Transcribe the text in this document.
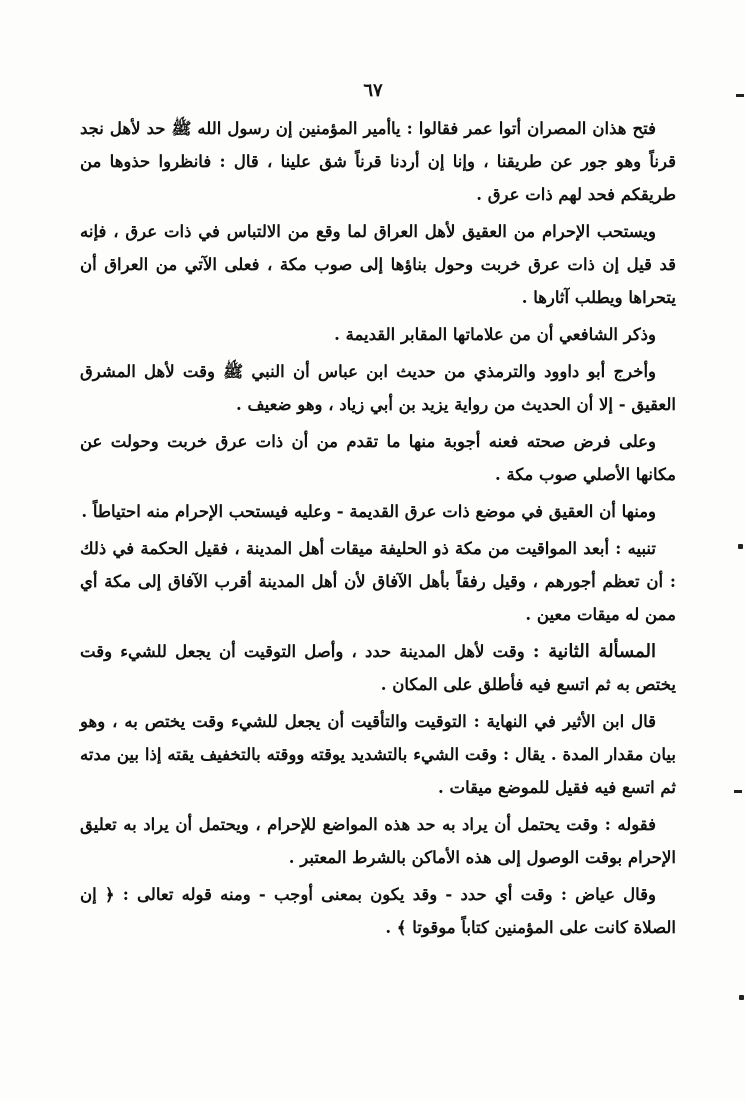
٦٧

فتح هذان المصران أتوا عمر فقالوا : ياأمير المؤمنين إن رسول الله ﷺ حد لأهل نجد قرناً وهو جور عن طريقنا ، وإنا إن أردنا قرناً شق علينا ، قال : فانظروا حذوها من طريقكم فحد لهم ذات عرق .

ويستحب الإحرام من العقيق لأهل العراق لما وقع من الالتباس في ذات عرق ، فإنه قد قيل إن ذات عرق خربت وحول بناؤها إلى صوب مكة ، فعلى الآتي من العراق أن يتحراها ويطلب آثارها .

وذكر الشافعي أن من علاماتها المقابر القديمة .

وأخرج أبو داوود والترمذي من حديث ابن عباس أن النبي ﷺ وقت لأهل المشرق العقيق - إلا أن الحديث من رواية يزيد بن أبي زياد ، وهو ضعيف .

وعلى فرض صحته فعنه أجوبة منها ما تقدم من أن ذات عرق خربت وحولت عن مكانها الأصلي صوب مكة .

ومنها أن العقيق في موضع ذات عرق القديمة - وعليه فيستحب الإحرام منه احتياطاً .

تنبيه : أبعد المواقيت من مكة ذو الحليفة ميقات أهل المدينة ، فقيل الحكمة في ذلك : أن تعظم أجورهم ، وقيل رفقاً بأهل الآفاق لأن أهل المدينة أقرب الآفاق إلى مكة أي ممن له ميقات معين .

المسألة الثانية : وقت لأهل المدينة حدد ، وأصل التوقيت أن يجعل للشيء وقت يختص به ثم اتسع فيه فأطلق على المكان .

قال ابن الأثير في النهاية : التوقيت والتأقيت أن يجعل للشيء وقت يختص به ، وهو بيان مقدار المدة . يقال : وقت الشيء بالتشديد يوقته ووقته بالتخفيف يقته إذا بين مدته ثم اتسع فيه فقيل للموضع ميقات .

فقوله : وقت يحتمل أن يراد به حد هذه المواضع للإحرام ، ويحتمل أن يراد به تعليق الإحرام بوقت الوصول إلى هذه الأماكن بالشرط المعتبر .

وقال عياض : وقت أي حدد - وقد يكون بمعنى أوجب - ومنه قوله تعالى : ﴿ إن الصلاة كانت على المؤمنين كتاباً موقوتا ﴾ .
